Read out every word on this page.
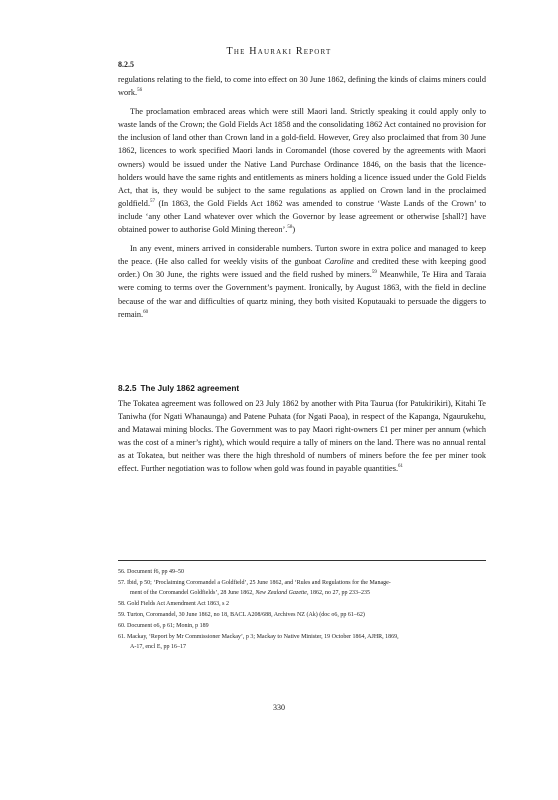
The Hauraki Report
8.2.5

regulations relating to the field, to come into effect on 30 June 1862, defining the kinds of claims miners could work.$^{56}$

The proclamation embraced areas which were still Maori land. Strictly speaking it could apply only to waste lands of the Crown; the Gold Fields Act 1858 and the consolidating 1862 Act contained no provision for the inclusion of land other than Crown land in a gold-field. However, Grey also proclaimed that from 30 June 1862, licences to work specified Maori lands in Coromandel (those covered by the agreements with Maori owners) would be issued under the Native Land Purchase Ordinance 1846, on the basis that the licence-holders would have the same rights and entitlements as miners holding a licence issued under the Gold Fields Act, that is, they would be subject to the same regulations as applied on Crown land in the proclaimed goldfield.$^{57}$ (In 1863, the Gold Fields Act 1862 was amended to construe ‘Waste Lands of the Crown’ to include ‘any other Land whatever over which the Governor by lease agreement or otherwise [shall?] have obtained power to authorise Gold Mining thereon’.$^{58}$)

In any event, miners arrived in considerable numbers. Turton swore in extra police and managed to keep the peace. (He also called for weekly visits of the gunboat Caroline and credited these with keeping good order.) On 30 June, the rights were issued and the field rushed by miners.$^{59}$ Meanwhile, Te Hira and Taraia were coming to terms over the Government’s payment. Ironically, by August 1863, with the field in decline because of the war and difficulties of quartz mining, they both visited Koputauaki to persuade the diggers to remain.$^{60}$

8.2.5 The July 1862 agreement

The Tokatea agreement was followed on 23 July 1862 by another with Pita Taurua (for Patukirikiri), Kitahi Te Taniwha (for Ngati Whanaunga) and Patene Puhata (for Ngati Paoa), in respect of the Kapanga, Ngaurukehu, and Matawai mining blocks. The Government was to pay Maori right-owners £1 per miner per annum (which was the cost of a miner’s right), which would require a tally of miners on the land. There was no annual rental as at Tokatea, but neither was there the high threshold of numbers of miners before the fee per miner took effect. Further negotiation was to follow when gold was found in payable quantities.$^{61}$

56. Document f6, pp 49–50

57. Ibid, p 50; ‘Proclaiming Coromandel a Goldfield’, 25 June 1862, and ‘Rules and Regulations for the Manage-
ment of the Coromandel Goldfields’, 28 June 1862, New Zealand Gazette, 1862, no 27, pp 233–235

58. Gold Fields Act Amendment Act 1863, s 2

59. Turton, Coromandel, 30 June 1862, no 18, BACL A208/688, Archives NZ (Ak) (doc o6, pp 61–62)

60. Document o6, p 61; Monin, p 189

61. Mackay, ‘Report by Mr Commissioner Mackay’, p 3; Mackay to Native Minister, 19 October 1864, AJHR, 1869,
A-17, encl E, pp 16–17

330
